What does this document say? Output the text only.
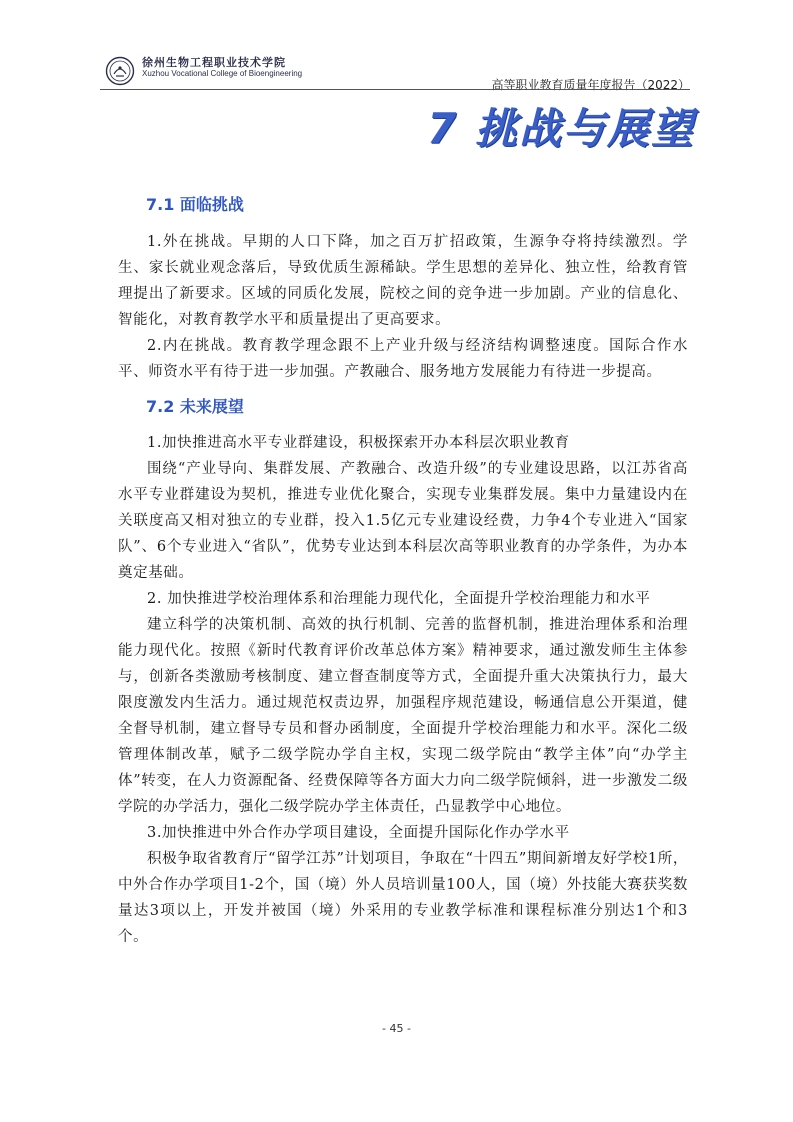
徐州生物工程职业技术学院
Xuzhou Vocational College of Bioengineering
高等职业教育质量年度报告（2022）
7 挑战与展望
7.1 面临挑战

1.外在挑战。早期的人口下降，加之百万扩招政策，生源争夺将持续激烈。学生、家长就业观念落后，导致优质生源稀缺。学生思想的差异化、独立性，给教育管理提出了新要求。区域的同质化发展，院校之间的竞争进一步加剧。产业的信息化、智能化，对教育教学水平和质量提出了更高要求。

2.内在挑战。教育教学理念跟不上产业升级与经济结构调整速度。国际合作水平、师资水平有待于进一步加强。产教融合、服务地方发展能力有待进一步提高。

7.2 未来展望

1.加快推进高水平专业群建设，积极探索开办本科层次职业教育

围绕“产业导向、集群发展、产教融合、改造升级”的专业建设思路，以江苏省高水平专业群建设为契机，推进专业优化聚合，实现专业集群发展。集中力量建设内在关联度高又相对独立的专业群，投入1.5亿元专业建设经费，力争4个专业进入“国家队”、6个专业进入“省队”，优势专业达到本科层次高等职业教育的办学条件，为办本奠定基础。

2. 加快推进学校治理体系和治理能力现代化，全面提升学校治理能力和水平

建立科学的决策机制、高效的执行机制、完善的监督机制，推进治理体系和治理能力现代化。按照《新时代教育评价改革总体方案》精神要求，通过激发师生主体参与，创新各类激励考核制度、建立督查制度等方式，全面提升重大决策执行力，最大限度激发内生活力。通过规范权责边界，加强程序规范建设，畅通信息公开渠道，健全督导机制，建立督导专员和督办函制度，全面提升学校治理能力和水平。深化二级管理体制改革，赋予二级学院办学自主权，实现二级学院由“教学主体”向“办学主体”转变，在人力资源配备、经费保障等各方面大力向二级学院倾斜，进一步激发二级学院的办学活力，强化二级学院办学主体责任，凸显教学中心地位。

3.加快推进中外合作办学项目建设，全面提升国际化作办学水平

积极争取省教育厅“留学江苏”计划项目，争取在“十四五”期间新增友好学校1所，中外合作办学项目1-2个，国（境）外人员培训量100人，国（境）外技能大赛获奖数量达3项以上，开发并被国（境）外采用的专业教学标准和课程标准分别达1个和3个。

- 45 -
